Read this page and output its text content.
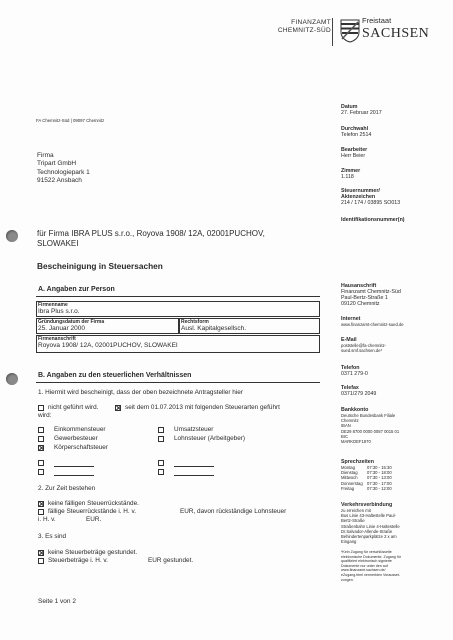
FINANZAMT
CHEMNITZ-SÜD
Freistaat
SACHSEN
FA Chemnitz-Süd | 09097 Chemnitz
Firma
Tripart GmbH
Technologiepark 1
91522 Ansbach
Datum
27. Februar 2017
Durchwahl
Telefon 2514
Bearbeiter
Herr Beier
Zimmer
1.118
Steuernummer/
Aktenzeichen
214 / 174 / 03895 SO013
Identifikationsnummer(n)
für Firma IBRA PLUS s.r.o., Royova 1908/ 12A, 02001PUCHOV,
SLOWAKEI
Bescheinigung in Steuersachen
A. Angaben zur Person
Firmenname
Ibra Plus s.r.o.
Gründungsdatum der Firma
25. Januar 2000
Rechtsform
Ausl. Kapitalgesellsch.
Firmenanschrift
Royova 1908/ 12A, 02001PUCHOV, SLOWAKEI
B. Angaben zu den steuerlichen Verhältnissen
1. Hiermit wird bescheinigt, dass der oben bezeichnete Antragsteller hier
nicht geführt wird.	seit dem 01.07.2013 mit folgenden Steuerarten geführt
wird:
Einkommensteuer
Gewerbesteuer
Körperschaftsteuer
Umsatzsteuer
Lohnsteuer (Arbeitgeber)
2. Zur Zeit bestehen
keine fälligen Steuerrückstände.
fällige Steuerrückstände i. H. v.	EUR, davon rückständige Lohnsteuer
i. H. v.	EUR.
3. Es sind
keine Steuerbeträge gestundet.
Steuerbeträge i. H. v.	EUR gestundet.
Seite 1 von 2
Hausanschrift
Finanzamt Chemnitz-Süd
Paul-Bertz-Straße 1
09120 Chemnitz
Internet
www.finanzamt-chemnitz-sued.de
E-Mail
poststelle@fa-chemnitz-
sued.smf.sachsen.de*
Telefon
0371 279-0
Telefax
0371/279 2049
Bankkonto
Deutsche Bundesbank Filiale
Chemnitz
IBAN
DE29 8700 0000 0087 0015 01
BIC
MARKDEF1870
Sprechzeiten
Montag	07:30 - 15:30
Dienstag 07:30 - 18:00
Mittwoch 07:30 - 13:00
Donnerstag 07:30 - 17:00
Freitag	07:30 - 12:00
Verkehrsverbindung
zu erreichen mit
Bus Linie 43-Haltestelle Paul-
Bertz-Straße
Straßenbahn Linie 4-Haltestelle
Dr.Salvador-Allende-Straße
Behindertenparkplätze 2 x am
Eingang
*Kein Zugang für verschlüsselte
elektronische Dokumente. Zugang für
qualifiziert elektronisch signierte
Dokumente nur unter den auf
www.finanzamt.sachsen.de/
eZugang.html vermerkten Vorausset-
zungen.
